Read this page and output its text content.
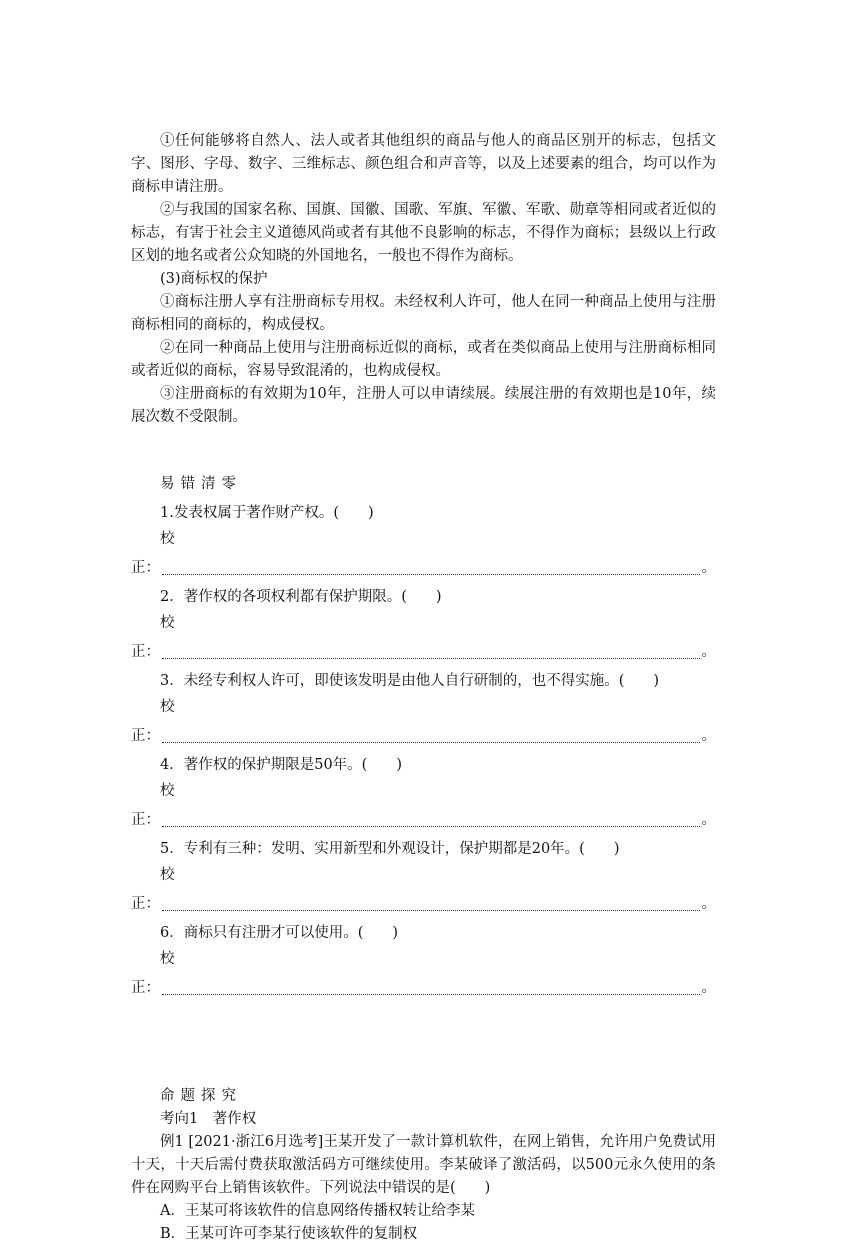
①任何能够将自然人、法人或者其他组织的商品与他人的商品区别开的标志，包括文字、图形、字母、数字、三维标志、颜色组合和声音等，以及上述要素的组合，均可以作为商标申请注册。

②与我国的国家名称、国旗、国徽、国歌、军旗、军徽、军歌、勋章等相同或者近似的标志，有害于社会主义道德风尚或者有其他不良影响的标志，不得作为商标；县级以上行政区划的地名或者公众知晓的外国地名，一般也不得作为商标。

(3)商标权的保护

①商标注册人享有注册商标专用权。未经权利人许可，他人在同一种商品上使用与注册商标相同的商标的，构成侵权。

②在同一种商品上使用与注册商标近似的商标，或者在类似商品上使用与注册商标相同或者近似的商标，容易导致混淆的，也构成侵权。

③注册商标的有效期为10年，注册人可以申请续展。续展注册的有效期也是10年，续展次数不受限制。

易错清零

1.发表权属于著作财产权。(　　)

校

正：	。

2．著作权的各项权利都有保护期限。(　　)

校

正：	。

3．未经专利权人许可，即使该发明是由他人自行研制的，也不得实施。(　　)

校

正：	。

4．著作权的保护期限是50年。(　　)

校

正：	。

5．专利有三种：发明、实用新型和外观设计，保护期都是20年。(　　)

校

正：	。

6．商标只有注册才可以使用。(　　)

校

正：	。

命题探究

考向1　著作权

例1 [2021·浙江6月选考]王某开发了一款计算机软件，在网上销售，允许用户免费试用十天，十天后需付费获取激活码方可继续使用。李某破译了激活码，以500元永久使用的条件在网购平台上销售该软件。下列说法中错误的是(　　)

A．王某可将该软件的信息网络传播权转让给李某

B．王某可许可李某行使该软件的复制权
